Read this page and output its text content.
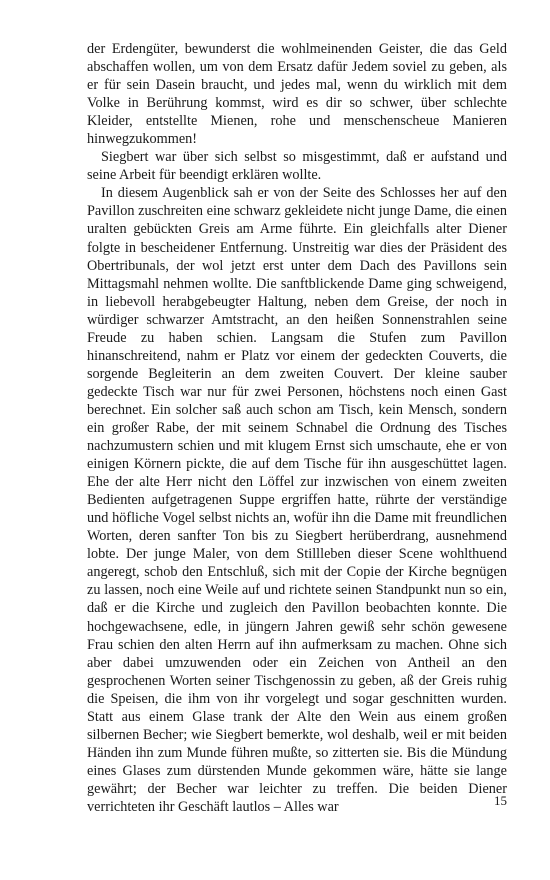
der Erdengüter, bewunderst die wohlmeinenden Geister, die das Geld abschaffen wollen, um von dem Ersatz dafür Jedem soviel zu geben, als er für sein Dasein braucht, und jedes mal, wenn du wirklich mit dem Volke in Berührung kommst, wird es dir so schwer, über schlechte Kleider, entstellte Mienen, rohe und menschenscheue Manieren hinwegzukommen!

Siegbert war über sich selbst so misgestimmt, daß er aufstand und seine Arbeit für beendigt erklären wollte.

In diesem Augenblick sah er von der Seite des Schlosses her auf den Pavillon zuschreiten eine schwarz gekleidete nicht junge Dame, die einen uralten gebückten Greis am Arme führte. Ein gleichfalls alter Diener folgte in bescheidener Entfernung. Unstreitig war dies der Präsident des Obertribunals, der wol jetzt erst unter dem Dach des Pavillons sein Mittagsmahl nehmen wollte. Die sanftblickende Dame ging schweigend, in liebevoll herabgebeugter Haltung, neben dem Greise, der noch in würdiger schwarzer Amtstracht, an den heißen Sonnenstrahlen seine Freude zu haben schien. Langsam die Stufen zum Pavillon hinanschreitend, nahm er Platz vor einem der gedeckten Couverts, die sorgende Begleiterin an dem zweiten Couvert. Der kleine sauber gedeckte Tisch war nur für zwei Personen, höchstens noch einen Gast berechnet. Ein solcher saß auch schon am Tisch, kein Mensch, sondern ein großer Rabe, der mit seinem Schnabel die Ordnung des Tisches nachzumustern schien und mit klugem Ernst sich umschaute, ehe er von einigen Körnern pickte, die auf dem Tische für ihn ausgeschüttet lagen. Ehe der alte Herr nicht den Löffel zur inzwischen von einem zweiten Bedienten aufgetragenen Suppe ergriffen hatte, rührte der verständige und höfliche Vogel selbst nichts an, wofür ihn die Dame mit freundlichen Worten, deren sanfter Ton bis zu Siegbert herüberdrang, ausnehmend lobte. Der junge Maler, von dem Stillleben dieser Scene wohlthuend angeregt, schob den Entschluß, sich mit der Copie der Kirche begnügen zu lassen, noch eine Weile auf und richtete seinen Standpunkt nun so ein, daß er die Kirche und zugleich den Pavillon beobachten konnte. Die hochgewachsene, edle, in jüngern Jahren gewiß sehr schön gewesene Frau schien den alten Herrn auf ihn aufmerksam zu machen. Ohne sich aber dabei umzuwenden oder ein Zeichen von Antheil an den gesprochenen Worten seiner Tischgenossin zu geben, aß der Greis ruhig die Speisen, die ihm von ihr vorgelegt und sogar geschnitten wurden. Statt aus einem Glase trank der Alte den Wein aus einem großen silbernen Becher; wie Siegbert bemerkte, wol deshalb, weil er mit beiden Händen ihn zum Munde führen mußte, so zitterten sie. Bis die Mündung eines Glases zum dürstenden Munde gekommen wäre, hätte sie lange gewährt; der Becher war leichter zu treffen. Die beiden Diener verrichteten ihr Geschäft lautlos – Alles war	15
